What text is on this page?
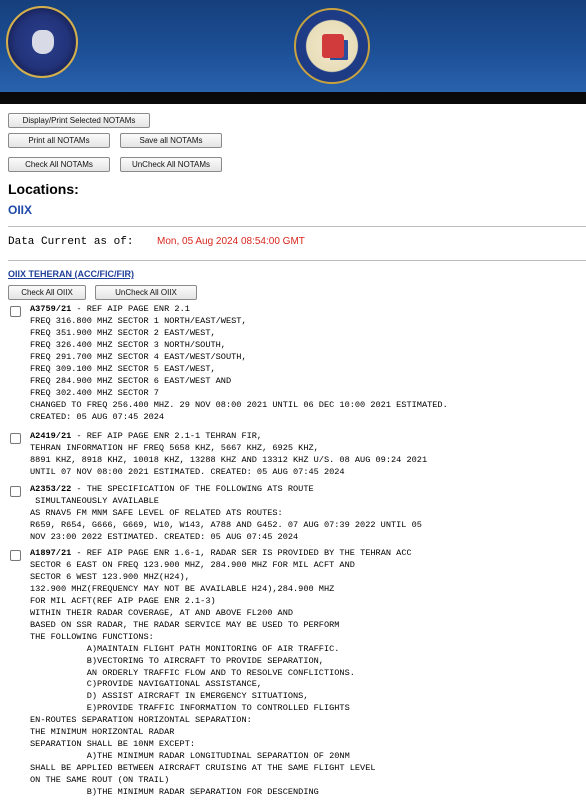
Display/Print Selected NOTAMs
Print all NOTAMs	Save all NOTAMs
Check All NOTAMs	UnCheck All NOTAMs
Locations:
OIIX
Data Current as of: Mon, 05 Aug 2024 08:54:00 GMT
OIIX TEHERAN (ACC/FIC/FIR)
Check All OIIX	UnCheck All OIIX
A3759/21 - REF AIP PAGE ENR 2.1
FREQ 316.800 MHZ SECTOR 1 NORTH/EAST/WEST,
FREQ 351.900 MHZ SECTOR 2 EAST/WEST,
FREQ 326.400 MHZ SECTOR 3 NORTH/SOUTH,
FREQ 291.700 MHZ SECTOR 4 EAST/WEST/SOUTH,
FREQ 309.100 MHZ SECTOR 5 EAST/WEST,
FREQ 284.900 MHZ SECTOR 6 EAST/WEST AND
FREQ 302.400 MHZ SECTOR 7
CHANGED TO FREQ 256.400 MHZ. 29 NOV 08:00 2021 UNTIL 06 DEC 10:00 2021 ESTIMATED.
CREATED: 05 AUG 07:45 2024
A2419/21 - REF AIP PAGE ENR 2.1-1 TEHRAN FIR,
TEHRAN INFORMATION HF FREQ 5658 KHZ, 5667 KHZ, 6925 KHZ,
8891 KHZ, 8918 KHZ, 10018 KHZ, 13288 KHZ AND 13312 KHZ U/S. 08 AUG 09:24 2021
UNTIL 07 NOV 08:00 2021 ESTIMATED. CREATED: 05 AUG 07:45 2024
A2353/22 - THE SPECIFICATION OF THE FOLLOWING ATS ROUTE
SIMULTANEOUSLY AVAILABLE
AS RNAV5 FM MNM SAFE LEVEL OF RELATED ATS ROUTES:
R659, R654, G666, G669, W10, W143, A788 AND G452. 07 AUG 07:39 2022 UNTIL 05
NOV 23:00 2022 ESTIMATED. CREATED: 05 AUG 07:45 2024
A1897/21 - REF AIP PAGE ENR 1.6-1, RADAR SER IS PROVIDED BY THE TEHRAN ACC
SECTOR 6 EAST ON FREQ 123.900 MHZ, 284.900 MHZ FOR MIL ACFT AND
SECTOR 6 WEST 123.900 MHZ(H24),
132.900 MHZ(FREQUENCY MAY NOT BE AVAILABLE H24),284.900 MHZ
FOR MIL ACFT(REF AIP PAGE ENR 2.1-3)
WITHIN THEIR RADAR COVERAGE, AT AND ABOVE FL200 AND
BASED ON SSR RADAR, THE RADAR SERVICE MAY BE USED TO PERFORM
THE FOLLOWING FUNCTIONS:
A)MAINTAIN FLIGHT PATH MONITORING OF AIR TRAFFIC.
B)VECTORING TO AIRCRAFT TO PROVIDE SEPARATION,
AN ORDERLY TRAFFIC FLOW AND TO RESOLVE CONFLICTIONS.
C)PROVIDE NAVIGATIONAL ASSISTANCE,
D) ASSIST AIRCRAFT IN EMERGENCY SITUATIONS,
E)PROVIDE TRAFFIC INFORMATION TO CONTROLLED FLIGHTS
EN-ROUTES SEPARATION HORIZONTAL SEPARATION:
THE MINIMUM HORIZONTAL RADAR
SEPARATION SHALL BE 10NM EXCEPT:
A)THE MINIMUM RADAR LONGITUDINAL SEPARATION OF 20NM
SHALL BE APPLIED BETWEEN AIRCRAFT CRUISING AT THE SAME FLIGHT LEVEL
ON THE SAME ROUT (ON TRAIL)
B)THE MINIMUM RADAR SEPARATION FOR DESCENDING
